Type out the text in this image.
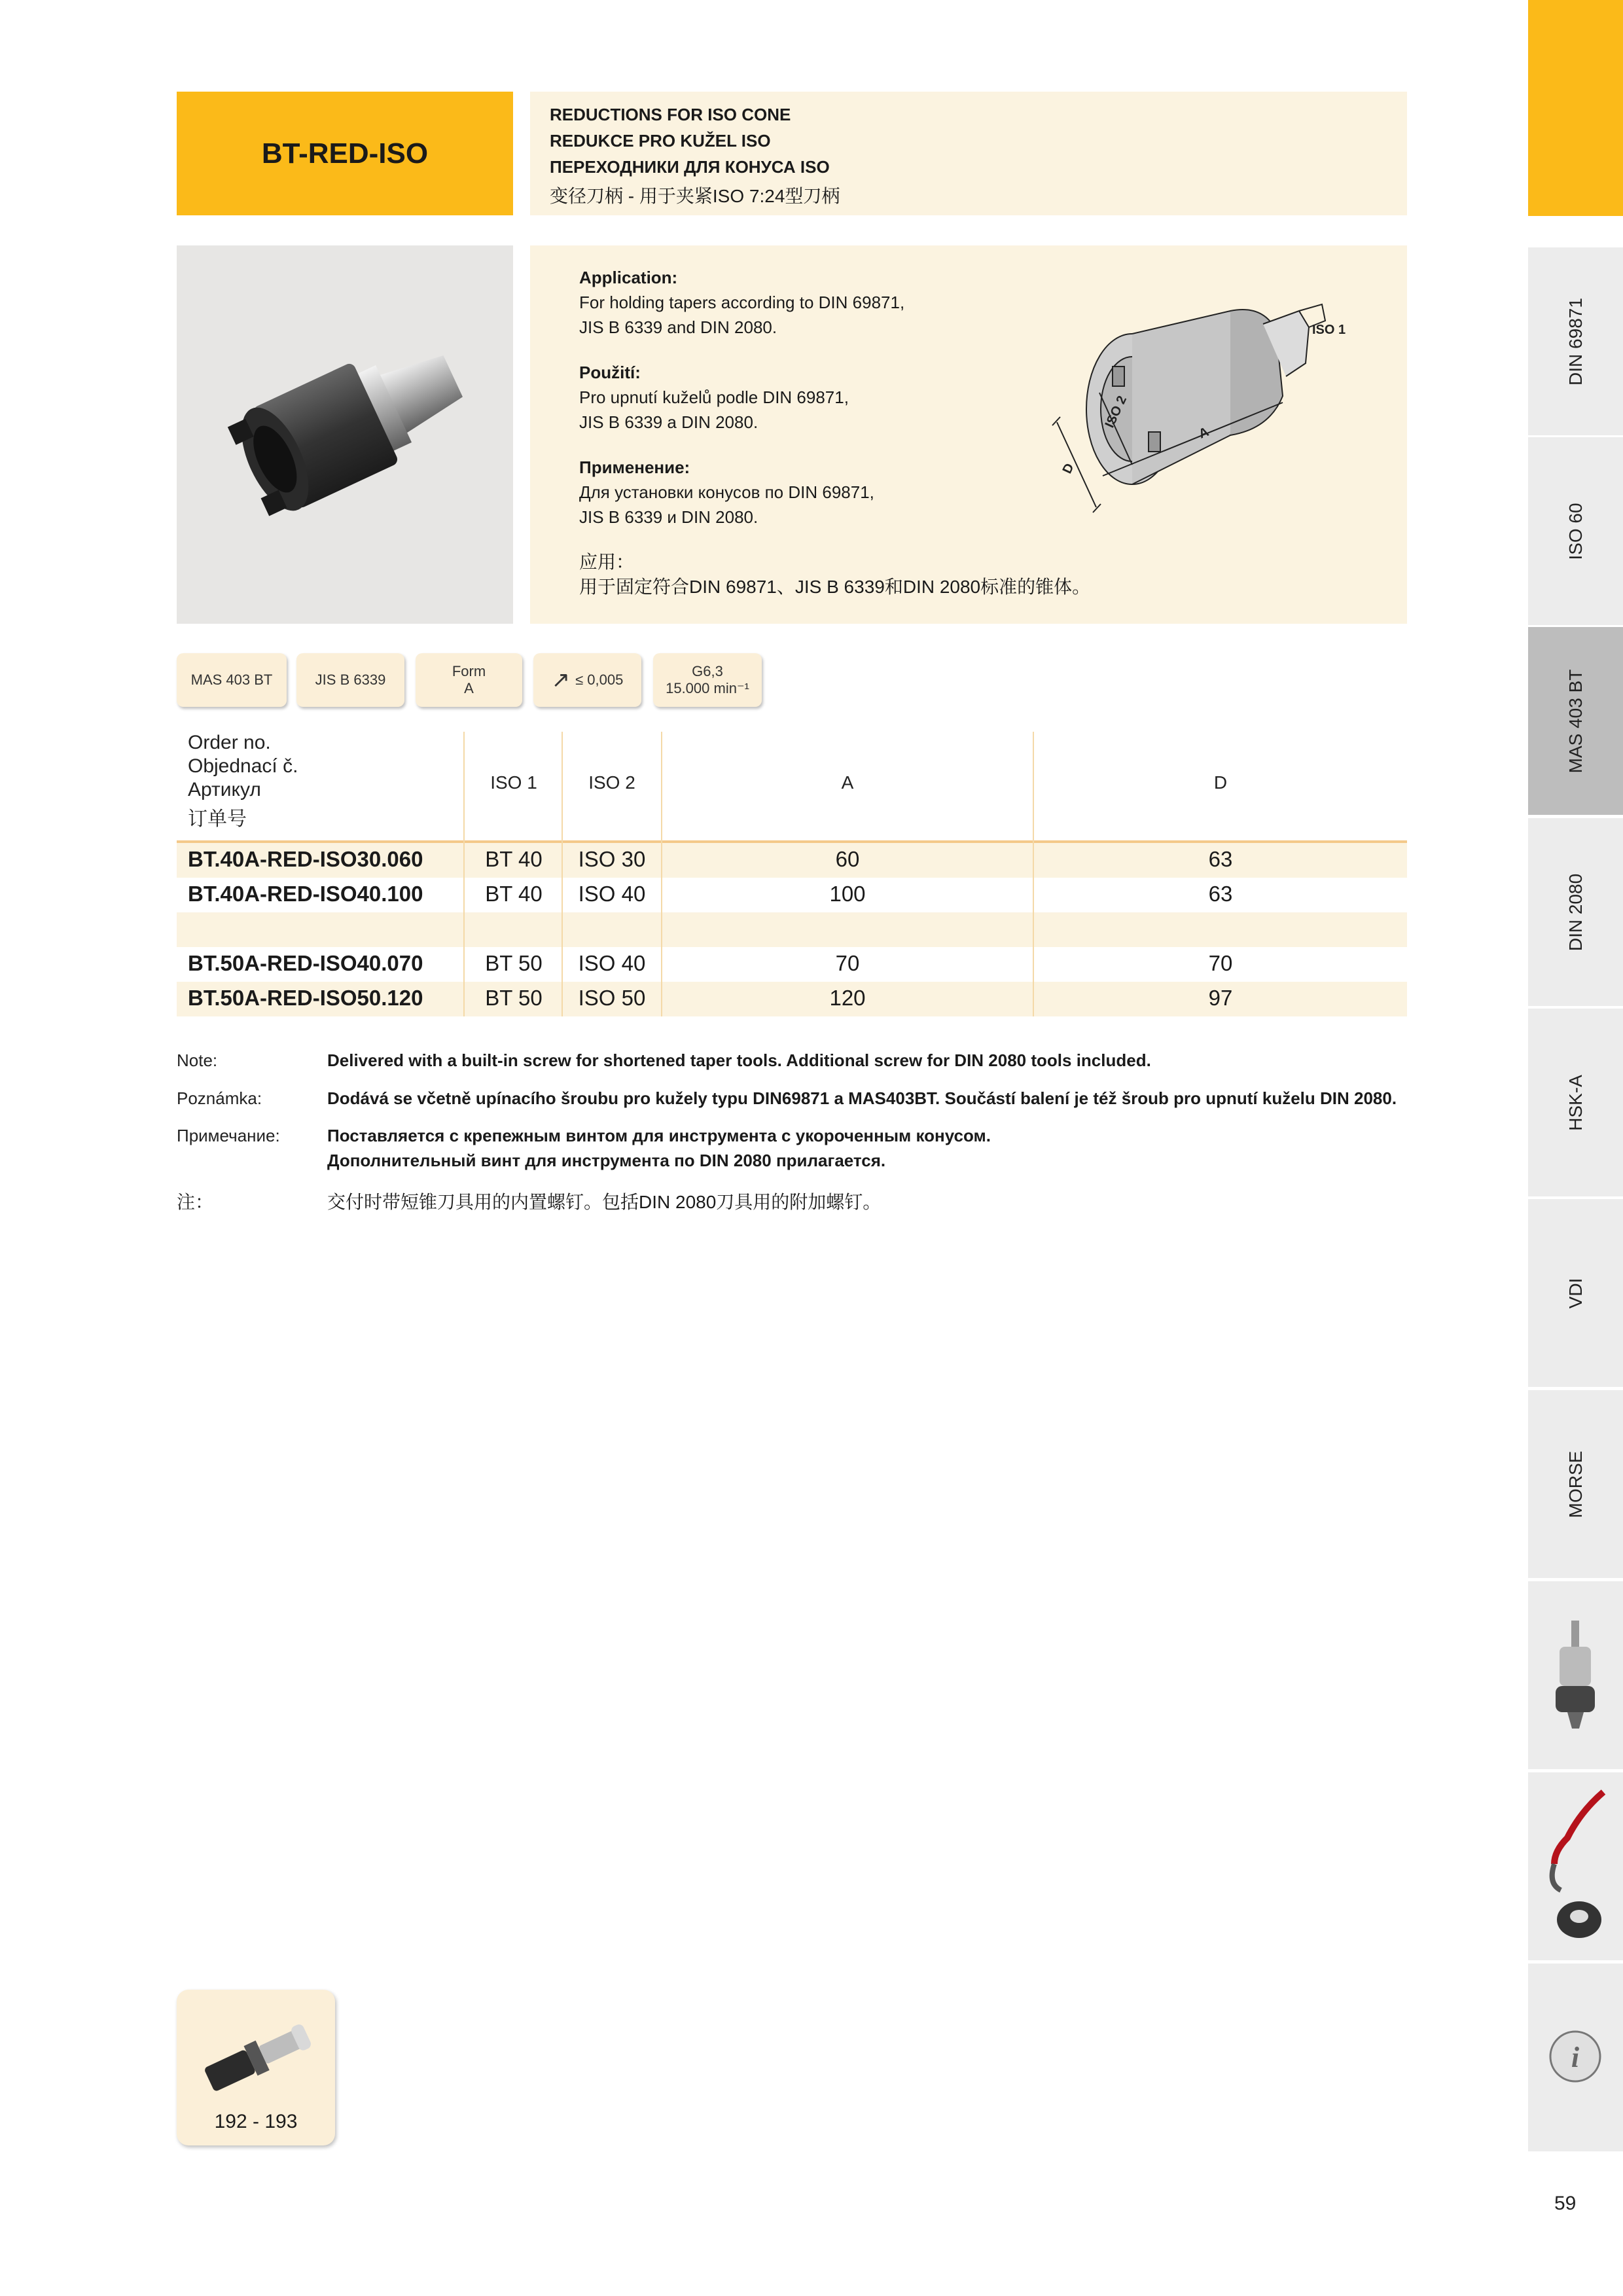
BT-RED-ISO
REDUCTIONS FOR ISO CONE
REDUKCE PRO KUŽEL ISO
ПЕРЕХОДНИКИ ДЛЯ КОНУСА ISO
变径刀柄 - 用于夹紧ISO 7:24型刀柄
Application:
For holding tapers according to DIN 69871,
JIS B 6339 and DIN 2080.
Použití:
Pro upnutí kuželů podle DIN 69871,
JIS B 6339 a DIN 2080.
Применение:
Для установки конусов по DIN 69871,
JIS B 6339 и DIN 2080.
应用：
用于固定符合DIN 69871、JIS B 6339和DIN 2080标准的锥体。
ISO 1
ISO 2
D
A
MAS 403 BT	JIS B 6339
Form
A	↗ ≤ 0,005
G6,3
15.000 min⁻¹
Order no.
Objednací č.
Артикул
订单号
ISO 1	ISO 2	A	D
BT.40A-RED-ISO30.060	BT 40	ISO 30	60	63
BT.40A-RED-ISO40.100	BT 40	ISO 40	100	63
BT.50A-RED-ISO40.070	BT 50	ISO 40	70	70
BT.50A-RED-ISO50.120	BT 50	ISO 50	120	97
Note:	Delivered with a built-in screw for shortened taper tools. Additional screw for DIN 2080 tools included.
Poznámka:	Dodává se včetně upínacího šroubu pro kužely typu DIN69871 a MAS403BT. Součástí balení je též šroub pro upnutí kuželu DIN 2080.
Примечание:	Поставляется с крепежным винтом для инструмента с укороченным конусом.
Дополнительный винт для инструмента по DIN 2080 прилагается.
注：	交付时带短锥刀具用的内置螺钉。包括DIN 2080刀具用的附加螺钉。
192 - 193
DIN 69871
ISO 60
MAS 403 BT
DIN 2080
HSK-A
VDI
MORSE
i
59
